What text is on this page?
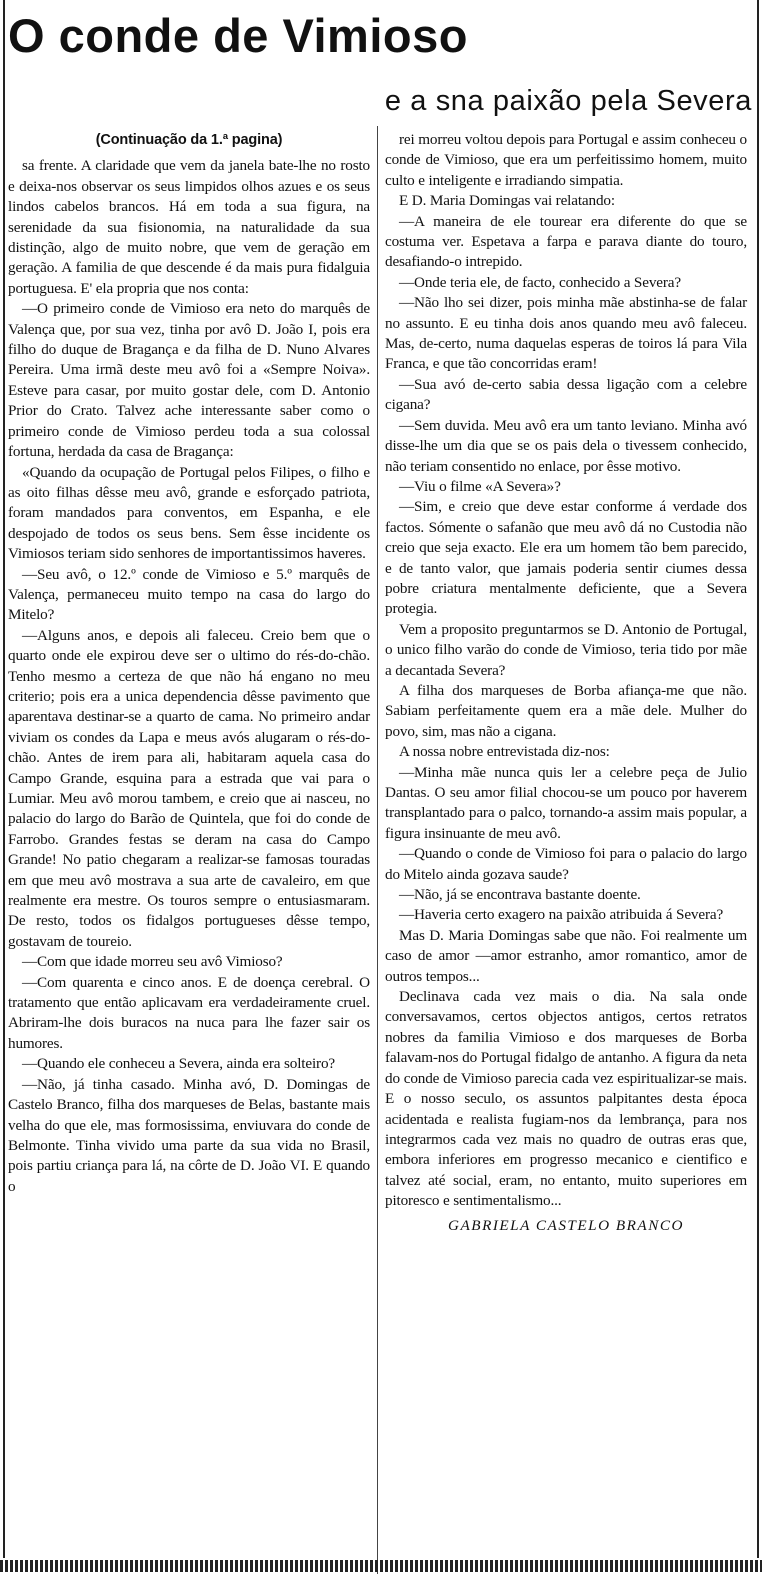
O conde de Vimioso
e a sna paixão pela Severa

(Continuação da 1.ª pagina)

sa frente. A claridade que vem da janela bate-lhe no rosto e deixa-nos observar os seus limpidos olhos azues e os seus lindos cabelos brancos. Há em toda a sua figura, na serenidade da sua fisionomia, na naturalidade da sua distinção, algo de muito nobre, que vem de geração em geração. A familia de que descende é da mais pura fidalguia portuguesa. E' ela propria que nos conta:

—O primeiro conde de Vimioso era neto do marquês de Valença que, por sua vez, tinha por avô D. João I, pois era filho do duque de Bragança e da filha de D. Nuno Alvares Pereira. Uma irmã deste meu avô foi a «Sempre Noiva». Esteve para casar, por muito gostar dele, com D. Antonio Prior do Crato. Talvez ache interessante saber como o primeiro conde de Vimioso perdeu toda a sua colossal fortuna, herdada da casa de Bragança:

«Quando da ocupação de Portugal pelos Filipes, o filho e as oito filhas dêsse meu avô, grande e esforçado patriota, foram mandados para conventos, em Espanha, e ele despojado de todos os seus bens. Sem êsse incidente os Vimiosos teriam sido senhores de importantissimos haveres.

—Seu avô, o 12.º conde de Vimioso e 5.º marquês de Valença, permaneceu muito tempo na casa do largo do Mitelo?

—Alguns anos, e depois ali faleceu. Creio bem que o quarto onde ele expirou deve ser o ultimo do rés-do-chão. Tenho mesmo a certeza de que não há engano no meu criterio; pois era a unica dependencia dêsse pavimento que aparentava destinar-se a quarto de cama. No primeiro andar viviam os condes da Lapa e meus avós alugaram o rés-do-chão. Antes de irem para ali, habitaram aquela casa do Campo Grande, esquina para a estrada que vai para o Lumiar. Meu avô morou tambem, e creio que ai nasceu, no palacio do largo do Barão de Quintela, que foi do conde de Farrobo. Grandes festas se deram na casa do Campo Grande! No patio chegaram a realizar-se famosas touradas em que meu avô mostrava a sua arte de cavaleiro, em que realmente era mestre. Os touros sempre o entusiasmaram. De resto, todos os fidalgos portugueses dêsse tempo, gostavam de toureio.

—Com que idade morreu seu avô Vimioso?

—Com quarenta e cinco anos. E de doença cerebral. O tratamento que então aplicavam era verdadeiramente cruel. Abriram-lhe dois buracos na nuca para lhe fazer sair os humores.

—Quando ele conheceu a Severa, ainda era solteiro?

—Não, já tinha casado. Minha avó, D. Domingas de Castelo Branco, filha dos marqueses de Belas, bastante mais velha do que ele, mas formosissima, enviuvara do conde de Belmonte. Tinha vivido uma parte da sua vida no Brasil, pois partiu criança para lá, na côrte de D. João VI. E quando o

rei morreu voltou depois para Portugal e assim conheceu o conde de Vimioso, que era um perfeitissimo homem, muito culto e inteligente e irradiando simpatia.

E D. Maria Domingas vai relatando:

—A maneira de ele tourear era diferente do que se costuma ver. Espetava a farpa e parava diante do touro, desafiando-o intrepido.

—Onde teria ele, de facto, conhecido a Severa?

—Não lho sei dizer, pois minha mãe abstinha-se de falar no assunto. E eu tinha dois anos quando meu avô faleceu. Mas, de-certo, numa daquelas esperas de toiros lá para Vila Franca, e que tão concorridas eram!

—Sua avó de-certo sabia dessa ligação com a celebre cigana?

—Sem duvida. Meu avô era um tanto leviano. Minha avó disse-lhe um dia que se os pais dela o tivessem conhecido, não teriam consentido no enlace, por êsse motivo.

—Viu o filme «A Severa»?

—Sim, e creio que deve estar conforme á verdade dos factos. Sómente o safanão que meu avô dá no Custodia não creio que seja exacto. Ele era um homem tão bem parecido, e de tanto valor, que jamais poderia sentir ciumes dessa pobre criatura mentalmente deficiente, que a Severa protegia.

Vem a proposito preguntarmos se D. Antonio de Portugal, o unico filho varão do conde de Vimioso, teria tido por mãe a decantada Severa?

A filha dos marqueses de Borba afiança-me que não. Sabiam perfeitamente quem era a mãe dele. Mulher do povo, sim, mas não a cigana.

A nossa nobre entrevistada diz-nos:

—Minha mãe nunca quis ler a celebre peça de Julio Dantas. O seu amor filial chocou-se um pouco por haverem transplantado para o palco, tornando-a assim mais popular, a figura insinuante de meu avô.

—Quando o conde de Vimioso foi para o palacio do largo do Mitelo ainda gozava saude?

—Não, já se encontrava bastante doente.

—Haveria certo exagero na paixão atribuida á Severa?

Mas D. Maria Domingas sabe que não. Foi realmente um caso de amor —amor estranho, amor romantico, amor de outros tempos...

Declinava cada vez mais o dia. Na sala onde conversavamos, certos objectos antigos, certos retratos nobres da familia Vimioso e dos marqueses de Borba falavam-nos do Portugal fidalgo de antanho. A figura da neta do conde de Vimioso parecia cada vez espiritualizar-se mais. E o nosso seculo, os assuntos palpitantes desta época acidentada e realista fugiam-nos da lembrança, para nos integrarmos cada vez mais no quadro de outras eras que, embora inferiores em progresso mecanico e cientifico e talvez até social, eram, no entanto, muito superiores em pitoresco e sentimentalismo...

GABRIELA CASTELO BRANCO
